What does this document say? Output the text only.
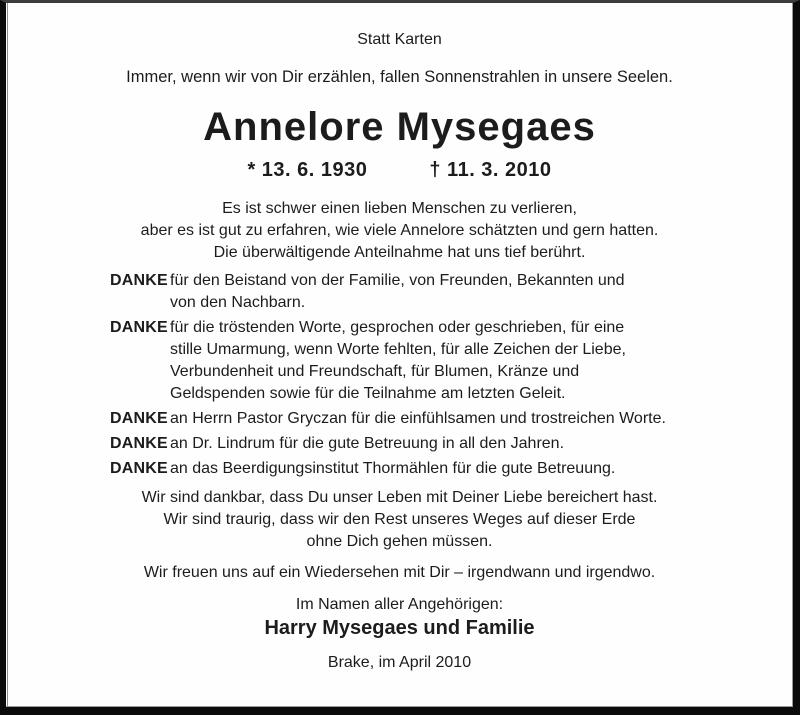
Statt Karten
Immer, wenn wir von Dir erzählen, fallen Sonnenstrahlen in unsere Seelen.
Annelore Mysegaes
* 13. 6. 1930	† 11. 3. 2010
Es ist schwer einen lieben Menschen zu verlieren,
aber es ist gut zu erfahren, wie viele Annelore schätzten und gern hatten.
Die überwältigende Anteilnahme hat uns tief berührt.
DANKE für den Beistand von der Familie, von Freunden, Bekannten und
von den Nachbarn.
DANKE für die tröstenden Worte, gesprochen oder geschrieben, für eine
stille Umarmung, wenn Worte fehlten, für alle Zeichen der Liebe,
Verbundenheit und Freundschaft, für Blumen, Kränze und
Geldspenden sowie für die Teilnahme am letzten Geleit.
DANKE an Herrn Pastor Gryczan für die einfühlsamen und trostreichen Worte.
DANKE an Dr. Lindrum für die gute Betreuung in all den Jahren.
DANKE an das Beerdigungsinstitut Thormählen für die gute Betreuung.
Wir sind dankbar, dass Du unser Leben mit Deiner Liebe bereichert hast.
Wir sind traurig, dass wir den Rest unseres Weges auf dieser Erde
ohne Dich gehen müssen.
Wir freuen uns auf ein Wiedersehen mit Dir – irgendwann und irgendwo.
Im Namen aller Angehörigen:
Harry Mysegaes und Familie
Brake, im April 2010
